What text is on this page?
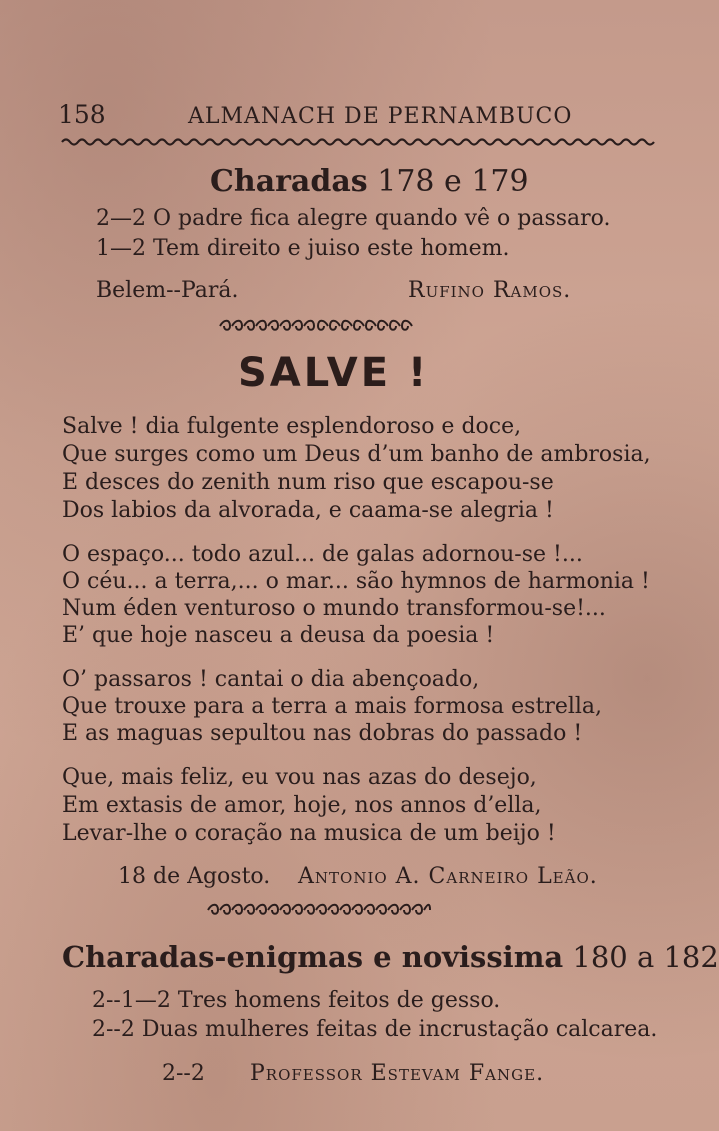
158	ALMANACH DE PERNAMBUCO
Charadas 178 e 179
2—2 O padre fica alegre quando vê o passaro.
1—2 Tem direito e juiso este homem.
Belem--Pará.	Rufino Ramos.
SALVE !
Salve ! dia fulgente esplendoroso e doce,
Que surges como um Deus d’um banho de ambrosia,
E desces do zenith num riso que escapou-se
Dos labios da alvorada, e caama-se alegria !
O espaço... todo azul... de galas adornou-se !...
O céu... a terra,... o mar... são hymnos de harmonia !
Num éden venturoso o mundo transformou-se!...
E’ que hoje nasceu a deusa da poesia !
O’ passaros ! cantai o dia abençoado,
Que trouxe para a terra a mais formosa estrella,
E as maguas sepultou nas dobras do passado !
Que, mais feliz, eu vou nas azas do desejo,
Em extasis de amor, hoje, nos annos d’ella,
Levar-lhe o coração na musica de um beijo !
18 de Agosto. Antonio A. Carneiro Leão.
Charadas-enigmas e novissima 180 a 182
2--1—2 Tres homens feitos de gesso.
2--2 Duas mulheres feitas de incrustação calcarea.
2--2 Professor Estevam Fange.
